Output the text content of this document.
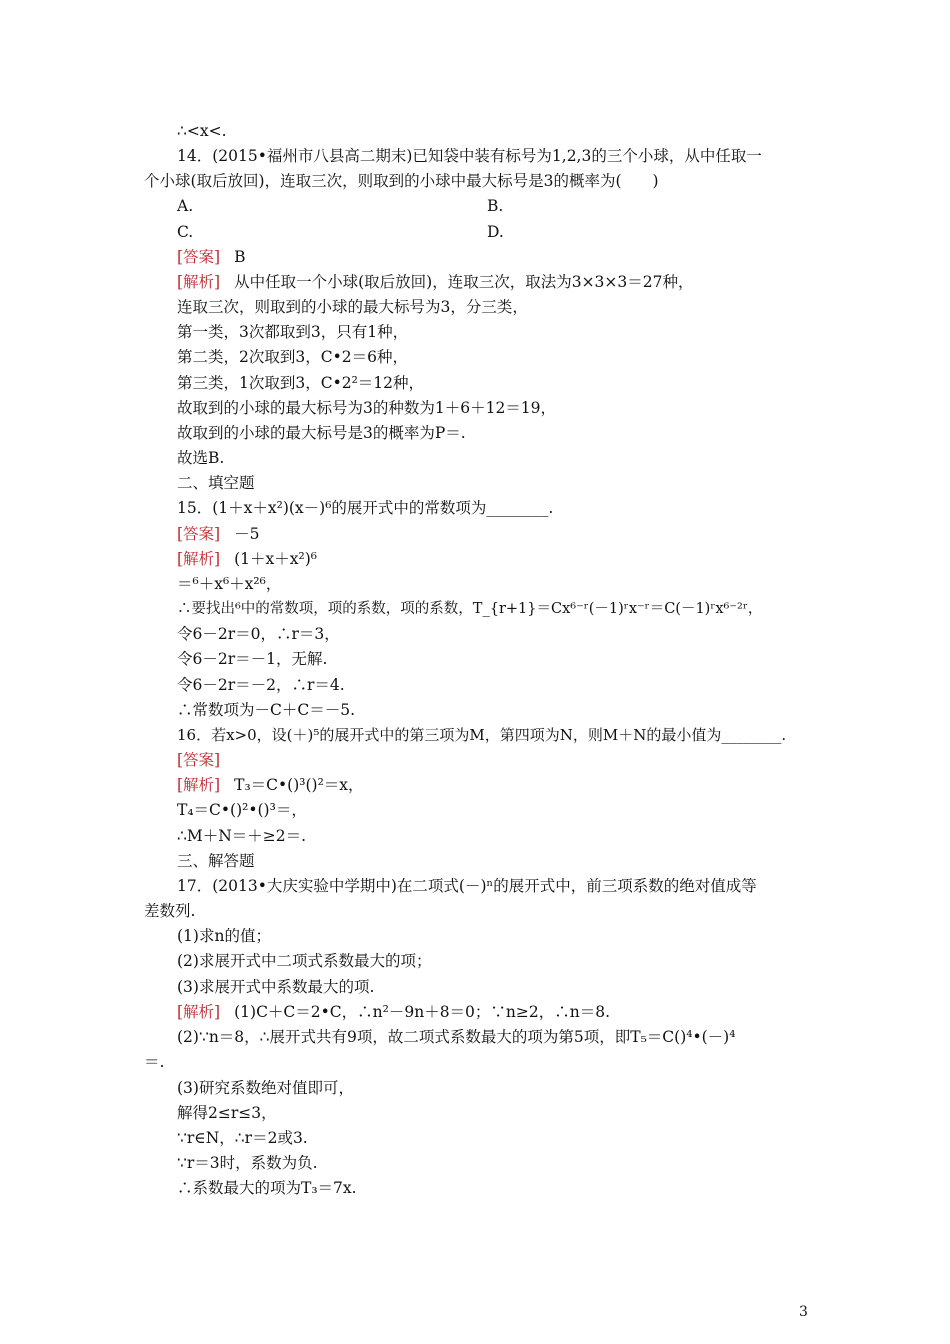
∴<x<.
14．(2015•福州市八县高二期末)已知袋中装有标号为1,2,3的三个小球，从中任取一
个小球(取后放回)，连取三次，则取到的小球中最大标号是3的概率为(　　)
A.	B.
C.	D.
[答案] B
[解析] 从中任取一个小球(取后放回)，连取三次，取法为3×3×3＝27种，
连取三次，则取到的小球的最大标号为3，分三类，
第一类，3次都取到3，只有1种，
第二类，2次取到3，C•2＝6种，
第三类，1次取到3，C•2²＝12种，
故取到的小球的最大标号为3的种数为1＋6＋12＝19，
故取到的小球的最大标号是3的概率为P＝.
故选B.
二、填空题
15．(1＋x＋x²)(x－)⁶的展开式中的常数项为________.
[答案] －5
[解析] (1＋x＋x²)⁶
＝⁶＋x⁶＋x²⁶，
∴要找出⁶中的常数项，项的系数，项的系数，T_{r+1}＝Cx⁶⁻ʳ(－1)ʳx⁻ʳ＝C(－1)ʳx⁶⁻²ʳ，
令6－2r＝0，∴r＝3，
令6－2r＝－1，无解.
令6－2r＝－2，∴r＝4.
∴常数项为－C＋C＝－5.
16．若x>0，设(＋)⁵的展开式中的第三项为M，第四项为N，则M＋N的最小值为________.
[答案]
[解析] T₃＝C•()³()²＝x，
T₄＝C•()²•()³＝，
∴M＋N＝＋≥2＝.
三、解答题
17．(2013•大庆实验中学期中)在二项式(－)ⁿ的展开式中，前三项系数的绝对值成等
差数列.
(1)求n的值；
(2)求展开式中二项式系数最大的项；
(3)求展开式中系数最大的项.
[解析] (1)C＋C＝2•C，∴n²－9n＋8＝0；∵n≥2，∴n＝8.
(2)∵n＝8，∴展开式共有9项，故二项式系数最大的项为第5项，即T₅＝C()⁴•(－)⁴
＝.
(3)研究系数绝对值即可，
解得2≤r≤3，
∵r∈N，∴r＝2或3.
∵r＝3时，系数为负.
∴系数最大的项为T₃＝7x.
3
